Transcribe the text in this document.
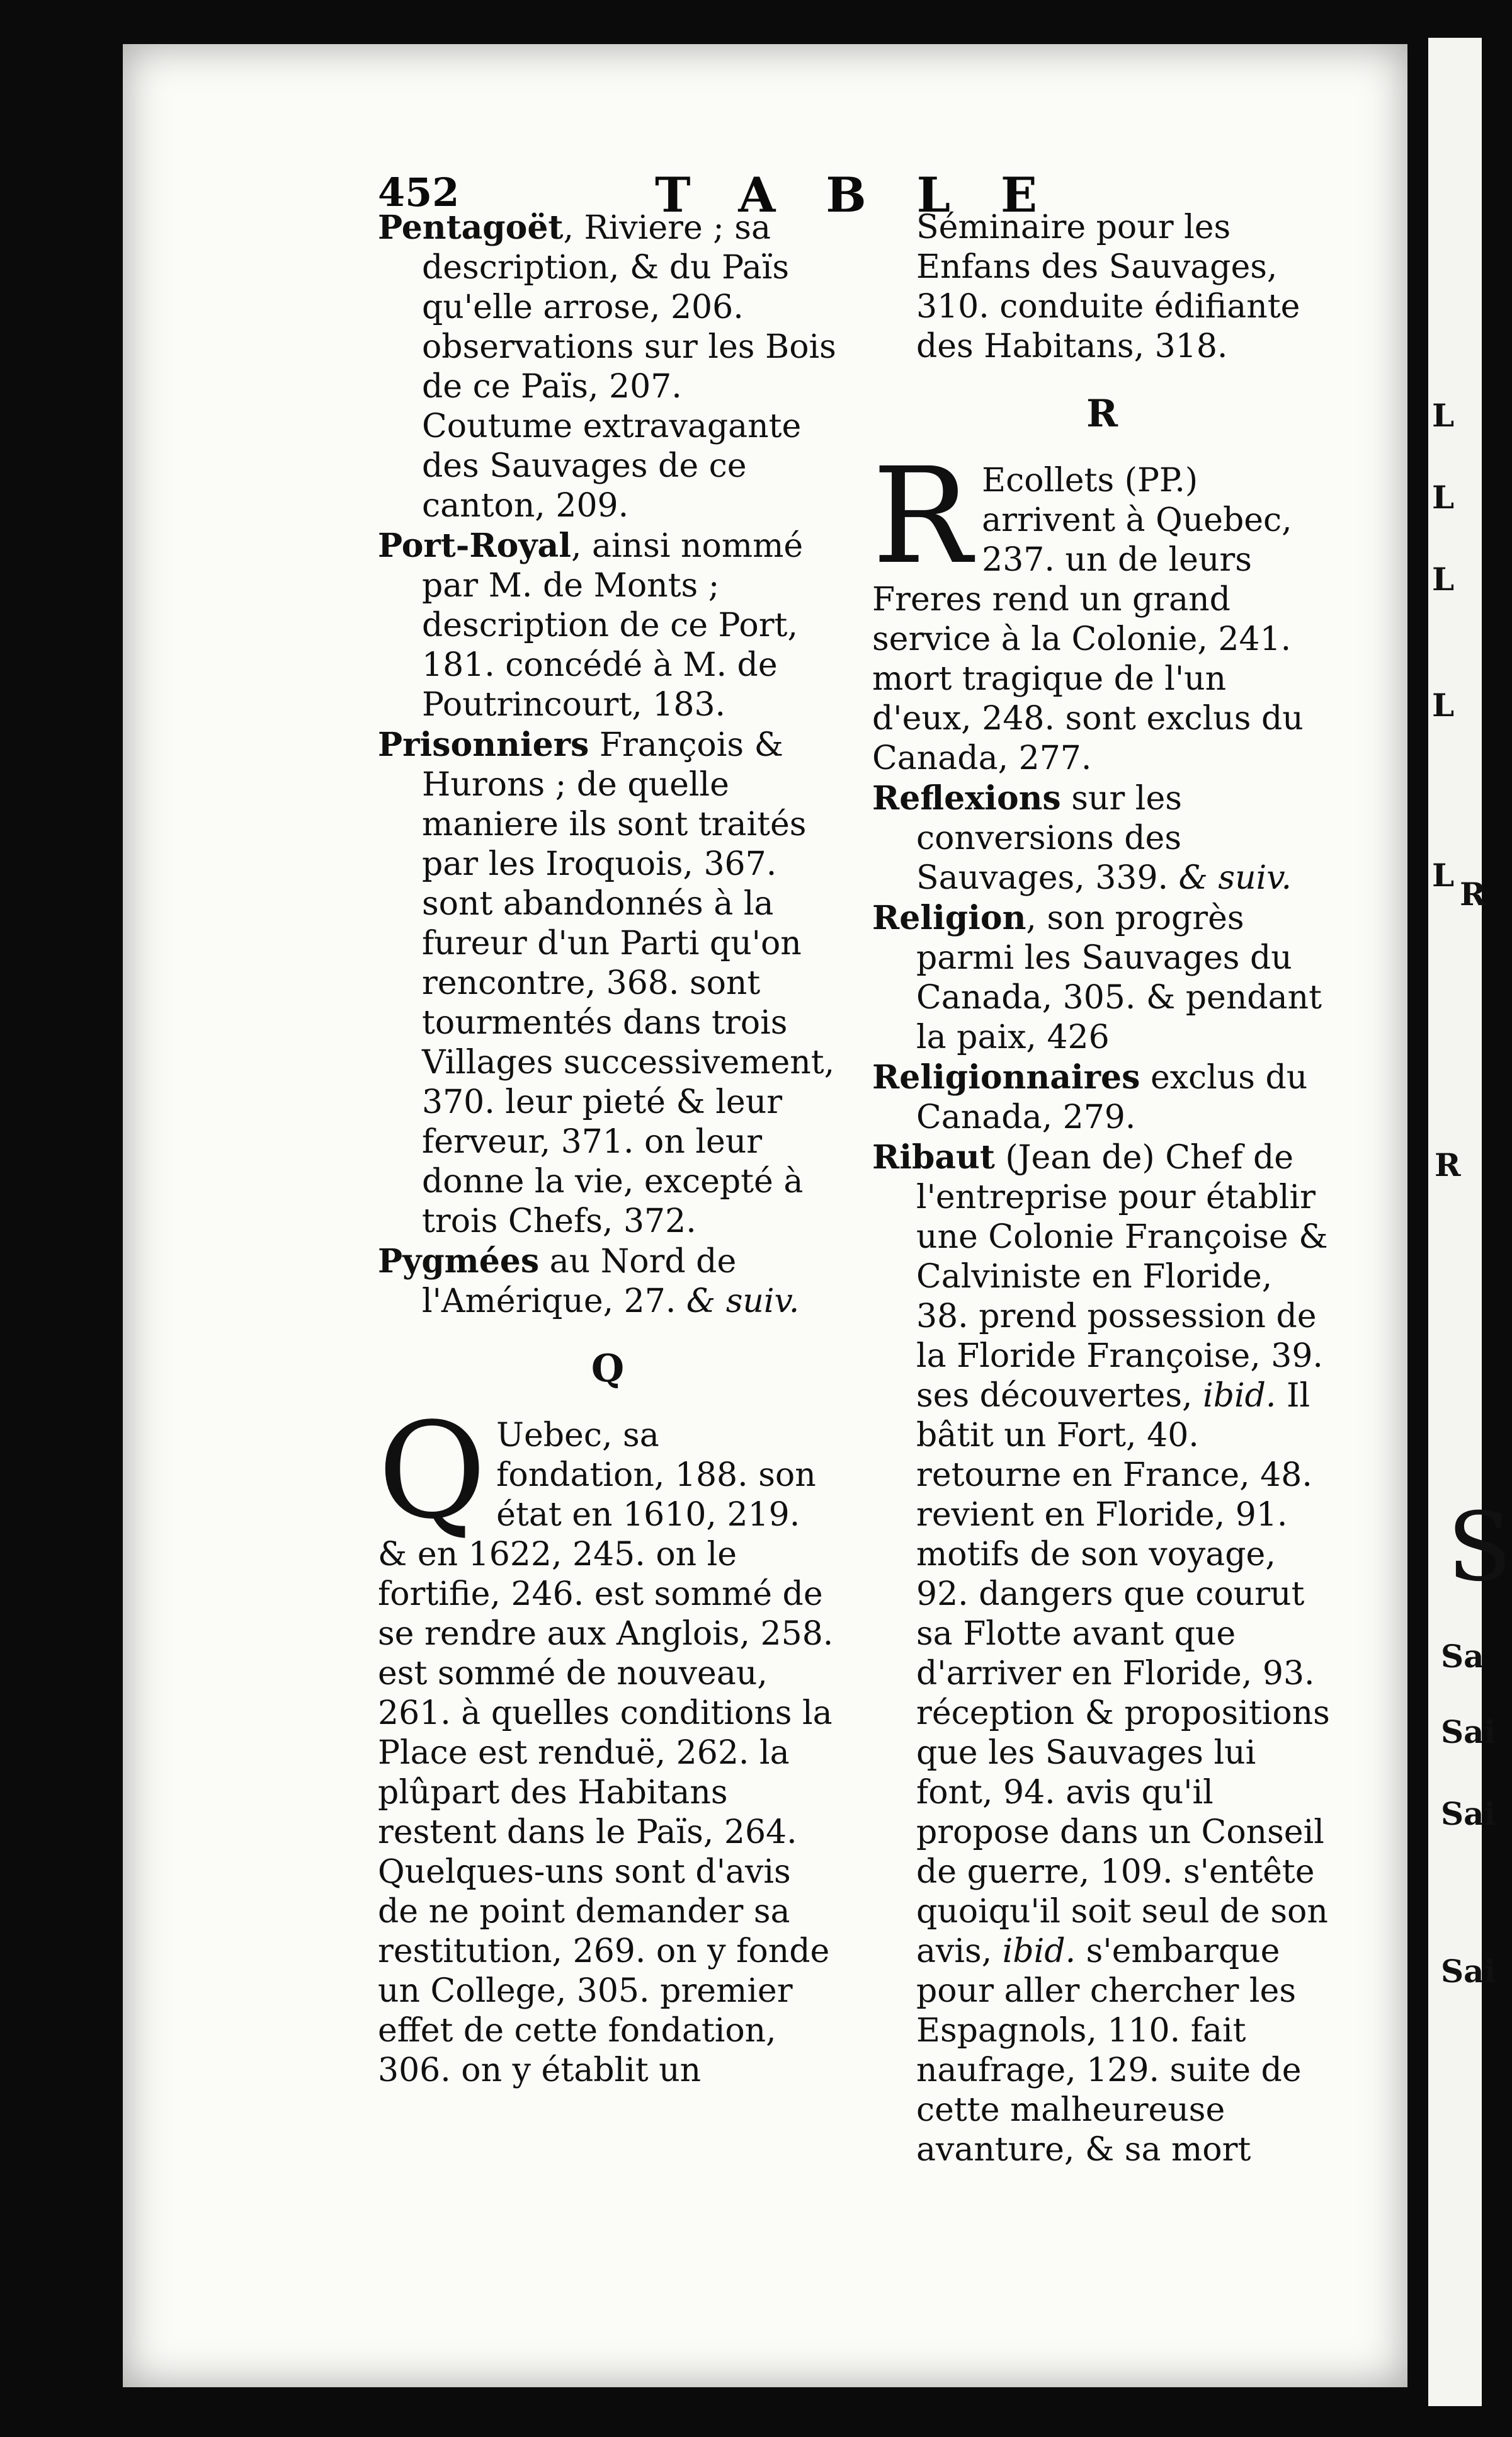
L
L
L
L
L
R
R
S
Sa
Sai
Sai
Sai
452	TABLE

Pentagoët, Riviere ; sa description, & du Païs qu'elle arrose, 206. observations sur les Bois de ce Païs, 207. Coutume extravagante des Sauvages de ce canton, 209.

Port-Royal, ainsi nommé par M. de Monts ; description de ce Port, 181. concédé à M. de Poutrincourt, 183.

Prisonniers François & Hurons ; de quelle maniere ils sont traités par les Iroquois, 367. sont abandonnés à la fureur d'un Parti qu'on rencontre, 368. sont tourmentés dans trois Villages successivement, 370. leur pieté & leur ferveur, 371. on leur donne la vie, excepté à trois Chefs, 372.

Pygmées au Nord de l'Amérique, 27. & suiv.

Q

Q Uebec, sa fondation, 188. son état en 1610, 219. & en 1622, 245. on le fortifie, 246. est sommé de se rendre aux Anglois, 258. est sommé de nouveau, 261. à quelles conditions la Place est renduë, 262. la plûpart des Habitans restent dans le Païs, 264. Quelques-uns sont d'avis de ne point demander sa restitution, 269. on y fonde un College, 305. premier effet de cette fondation, 306. on y établit un

Séminaire pour les Enfans des Sauvages, 310. conduite édifiante des Habitans, 318.

R

R Ecollets (PP.) arrivent à Quebec, 237. un de leurs Freres rend un grand service à la Colonie, 241. mort tragique de l'un d'eux, 248. sont exclus du Canada, 277.

Reflexions sur les conversions des Sauvages, 339. & suiv.

Religion, son progrès parmi les Sauvages du Canada, 305. & pendant la paix, 426

Religionnaires exclus du Canada, 279.

Ribaut (Jean de) Chef de l'entreprise pour établir une Colonie Françoise & Calviniste en Floride, 38. prend possession de la Floride Françoise, 39. ses découvertes, ibid. Il bâtit un Fort, 40. retourne en France, 48. revient en Floride, 91. motifs de son voyage, 92. dangers que courut sa Flotte avant que d'arriver en Floride, 93. réception & propositions que les Sauvages lui font, 94. avis qu'il propose dans un Conseil de guerre, 109. s'entête quoiqu'il soit seul de son avis, ibid. s'embarque pour aller chercher les Espagnols, 110. fait naufrage, 129. suite de cette malheureuse avanture, & sa mort
